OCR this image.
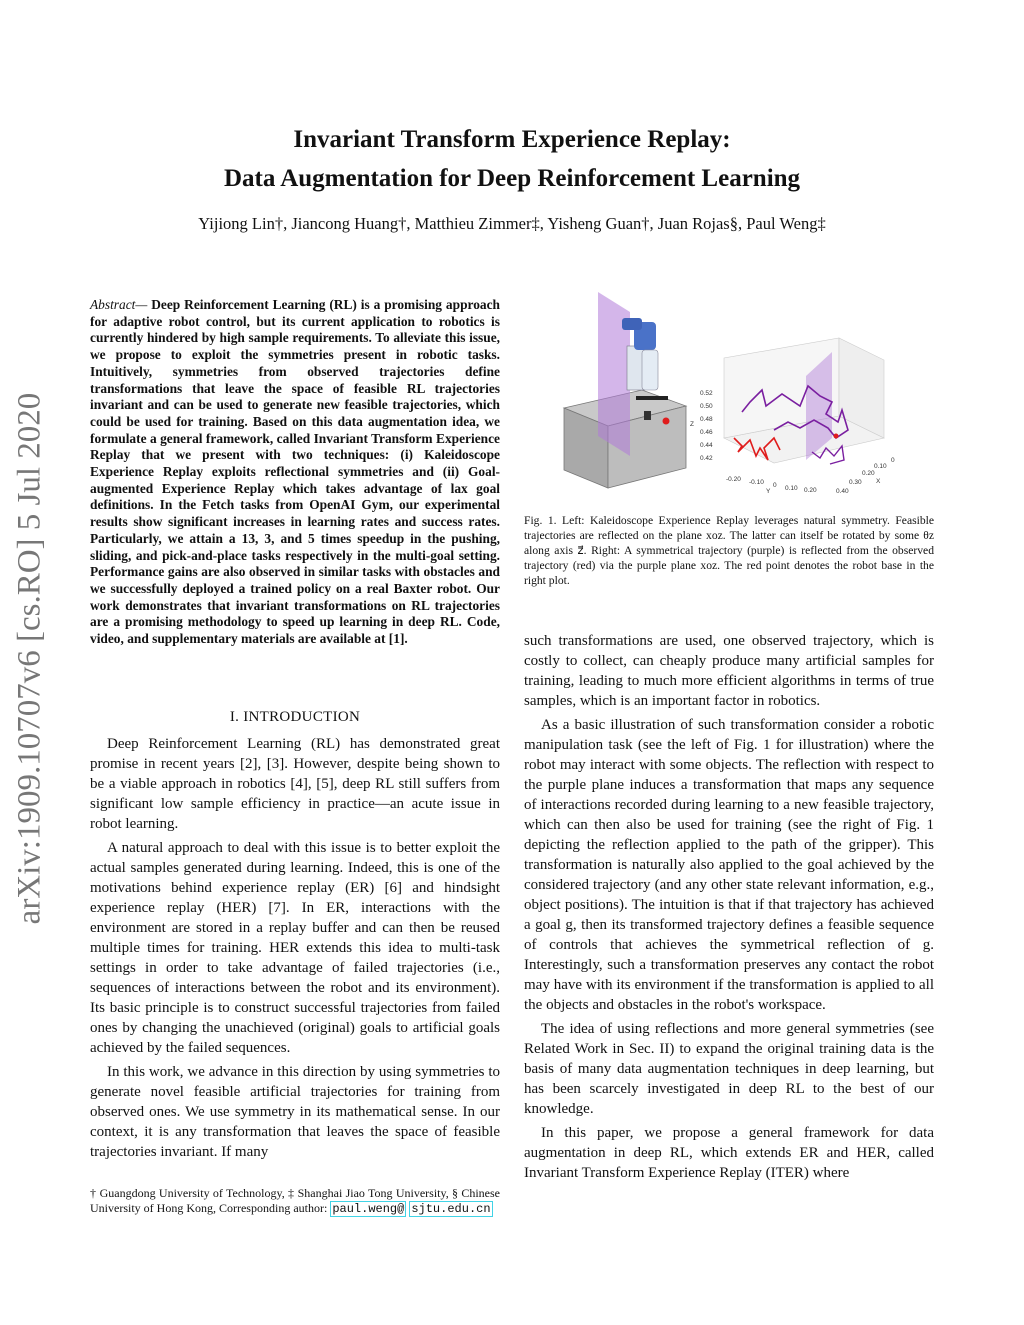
Invariant Transform Experience Replay:
Data Augmentation for Deep Reinforcement Learning
Yijiong Lin†, Jiancong Huang†, Matthieu Zimmer‡, Yisheng Guan†, Juan Rojas§, Paul Weng‡
arXiv:1909.10707v6 [cs.RO] 5 Jul 2020
Abstract— Deep Reinforcement Learning (RL) is a promising approach for adaptive robot control, but its current application to robotics is currently hindered by high sample requirements. To alleviate this issue, we propose to exploit the symmetries present in robotic tasks. Intuitively, symmetries from observed trajectories define transformations that leave the space of feasible RL trajectories invariant and can be used to generate new feasible trajectories, which could be used for training. Based on this data augmentation idea, we formulate a general framework, called Invariant Transform Experience Replay that we present with two techniques: (i) Kaleidoscope Experience Replay exploits reflectional symmetries and (ii) Goal-augmented Experience Replay which takes advantage of lax goal definitions. In the Fetch tasks from OpenAI Gym, our experimental results show significant increases in learning rates and success rates. Particularly, we attain a 13, 3, and 5 times speedup in the pushing, sliding, and pick-and-place tasks respectively in the multi-goal setting. Performance gains are also observed in similar tasks with obstacles and we successfully deployed a trained policy on a real Baxter robot. Our work demonstrates that invariant transformations on RL trajectories are a promising methodology to speed up learning in deep RL. Code, video, and supplementary materials are available at [1].
I. INTRODUCTION

Deep Reinforcement Learning (RL) has demonstrated great promise in recent years [2], [3]. However, despite being shown to be a viable approach in robotics [4], [5], deep RL still suffers from significant low sample efficiency in practice—an acute issue in robot learning.

A natural approach to deal with this issue is to better exploit the actual samples generated during learning. Indeed, this is one of the motivations behind experience replay (ER) [6] and hindsight experience replay (HER) [7]. In ER, interactions with the environment are stored in a replay buffer and can then be reused multiple times for training. HER extends this idea to multi-task settings in order to take advantage of failed trajectories (i.e., sequences of interactions between the robot and its environment). Its basic principle is to construct successful trajectories from failed ones by changing the unachieved (original) goals to artificial goals achieved by the failed sequences.

In this work, we advance in this direction by using symmetries to generate novel feasible artificial trajectories for training from observed ones. We use symmetry in its mathematical sense. In our context, it is any transformation that leaves the space of feasible trajectories invariant. If many

† Guangdong University of Technology, ‡ Shanghai Jiao Tong University, § Chinese University of Hong Kong, Corresponding author: paul.weng@ sjtu.edu.cn
0.52
0.50
0.48
0.46
0.44
0.42
Z
-0.20 -0.10 0 0.10 0.20
Y
0
0.10
0.20
0.30
0.40
X
Fig. 1. Left: Kaleidoscope Experience Replay leverages natural symmetry. Feasible trajectories are reflected on the plane xoz. The latter can itself be rotated by some θz along axis z⃗. Right: A symmetrical trajectory (purple) is reflected from the observed trajectory (red) via the purple plane xoz. The red point denotes the robot base in the right plot.

such transformations are used, one observed trajectory, which is costly to collect, can cheaply produce many artificial samples for training, leading to much more efficient algorithms in terms of true samples, which is an important factor in robotics.

As a basic illustration of such transformation consider a robotic manipulation task (see the left of Fig. 1 for illustration) where the robot may interact with some objects. The reflection with respect to the purple plane induces a transformation that maps any sequence of interactions recorded during learning to a new feasible trajectory, which can then also be used for training (see the right of Fig. 1 depicting the reflection applied to the path of the gripper). This transformation is naturally also applied to the goal achieved by the considered trajectory (and any other state relevant information, e.g., object positions). The intuition is that if that trajectory has achieved a goal g, then its transformed trajectory defines a feasible sequence of controls that achieves the symmetrical reflection of g. Interestingly, such a transformation preserves any contact the robot may have with its environment if the transformation is applied to all the objects and obstacles in the robot's workspace.

The idea of using reflections and more general symmetries (see Related Work in Sec. II) to expand the original training data is the basis of many data augmentation techniques in deep learning, but has been scarcely investigated in deep RL to the best of our knowledge.

In this paper, we propose a general framework for data augmentation in deep RL, which extends ER and HER, called Invariant Transform Experience Replay (ITER) where
